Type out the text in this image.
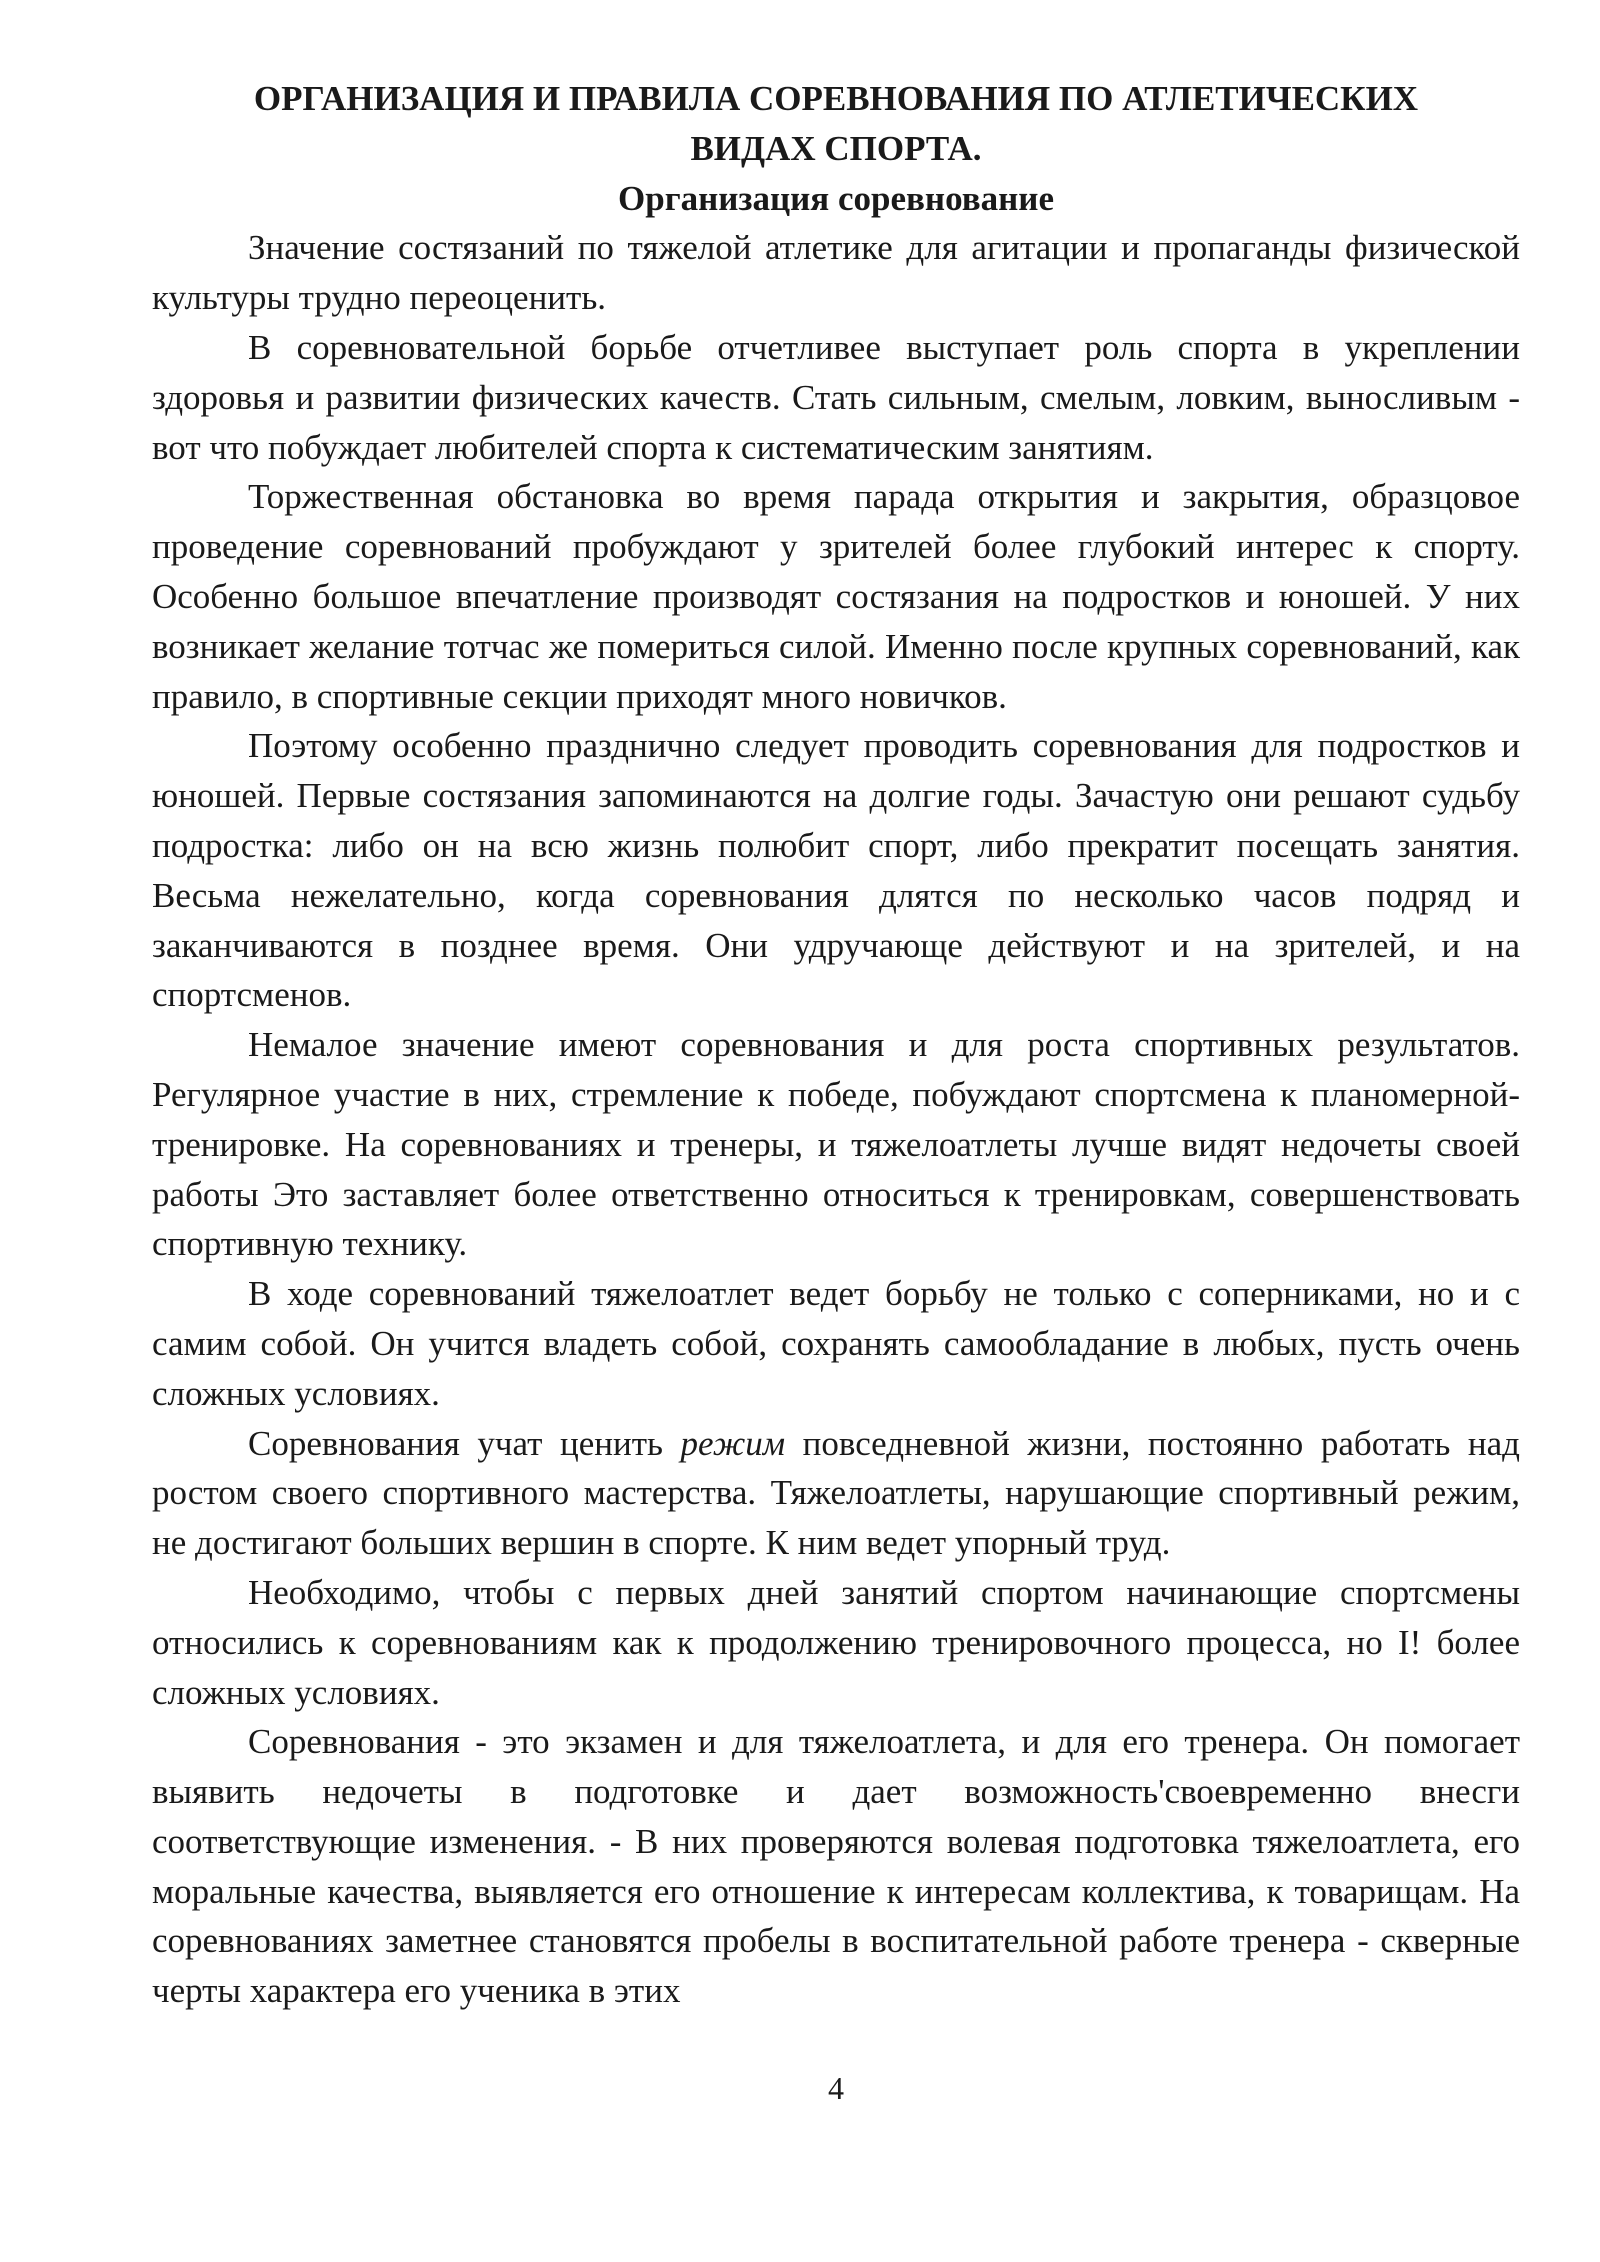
ОРГАНИЗАЦИЯ И ПРАВИЛА СОРЕВНОВАНИЯ ПО АТЛЕТИЧЕСКИХ ВИДАХ СПОРТА.
Организация соревнование

Значение состязаний по тяжелой атлетике для агитации и пропаганды физической культуры трудно переоценить.

В соревновательной борьбе отчетливее выступает роль спорта в укреплении здоровья и развитии физических качеств. Стать сильным, смелым, ловким, выносливым - вот что побуждает любителей спорта к систематическим занятиям.

Торжественная обстановка во время парада открытия и закрытия, образцовое проведение соревнований пробуждают у зрителей более глубокий интерес к спорту. Особенно большое впечатление производят состязания на подростков и юношей. У них возникает желание тотчас же помериться силой. Именно после крупных соревнований, как правило, в спортивные секции приходят много новичков.

Поэтому особенно празднично следует проводить соревнования для подростков и юношей. Первые состязания запоминаются на долгие годы. Зачастую они решают судьбу подростка: либо он на всю жизнь полюбит спорт, либо прекратит посещать занятия. Весьма нежелательно, когда соревнования длятся по несколько часов подряд и заканчиваются в позднее время. Они удручающе действуют и на зрителей, и на спортсменов.

Немалое значение имеют соревнования и для роста спортивных результатов. Регулярное участие в них, стремление к победе, побуждают спортсмена к планомерной- тренировке. На соревнованиях и тренеры, и тяжелоатлеты лучше видят недочеты своей работы Это заставляет более ответственно относиться к тренировкам, совершенствовать спортивную технику.

В ходе соревнований тяжелоатлет ведет борьбу не только с соперниками, но и с самим собой. Он учится владеть собой, сохранять самообладание в любых, пусть очень сложных условиях.

Соревнования учат ценить режим повседневной жизни, постоянно работать над ростом своего спортивного мастерства. Тяжелоатлеты, нарушающие спортивный режим, не достигают больших вершин в спорте. К ним ведет упорный труд.

Необходимо, чтобы с первых дней занятий спортом начинающие спортсмены относились к соревнованиям как к продолжению тренировочного процесса, но I! более сложных условиях.

Соревнования - это экзамен и для тяжелоатлета, и для его тренера. Он помогает выявить недочеты в подготовке и дает возможность'своевременно внесги соответствующие изменения. - В них проверяются волевая подготовка тяжелоатлета, его моральные качества, выявляется его отношение к интересам коллектива, к товарищам. На соревнованиях заметнее становятся пробелы в воспитательной работе тренера - скверные черты характера его ученика в этих

4
